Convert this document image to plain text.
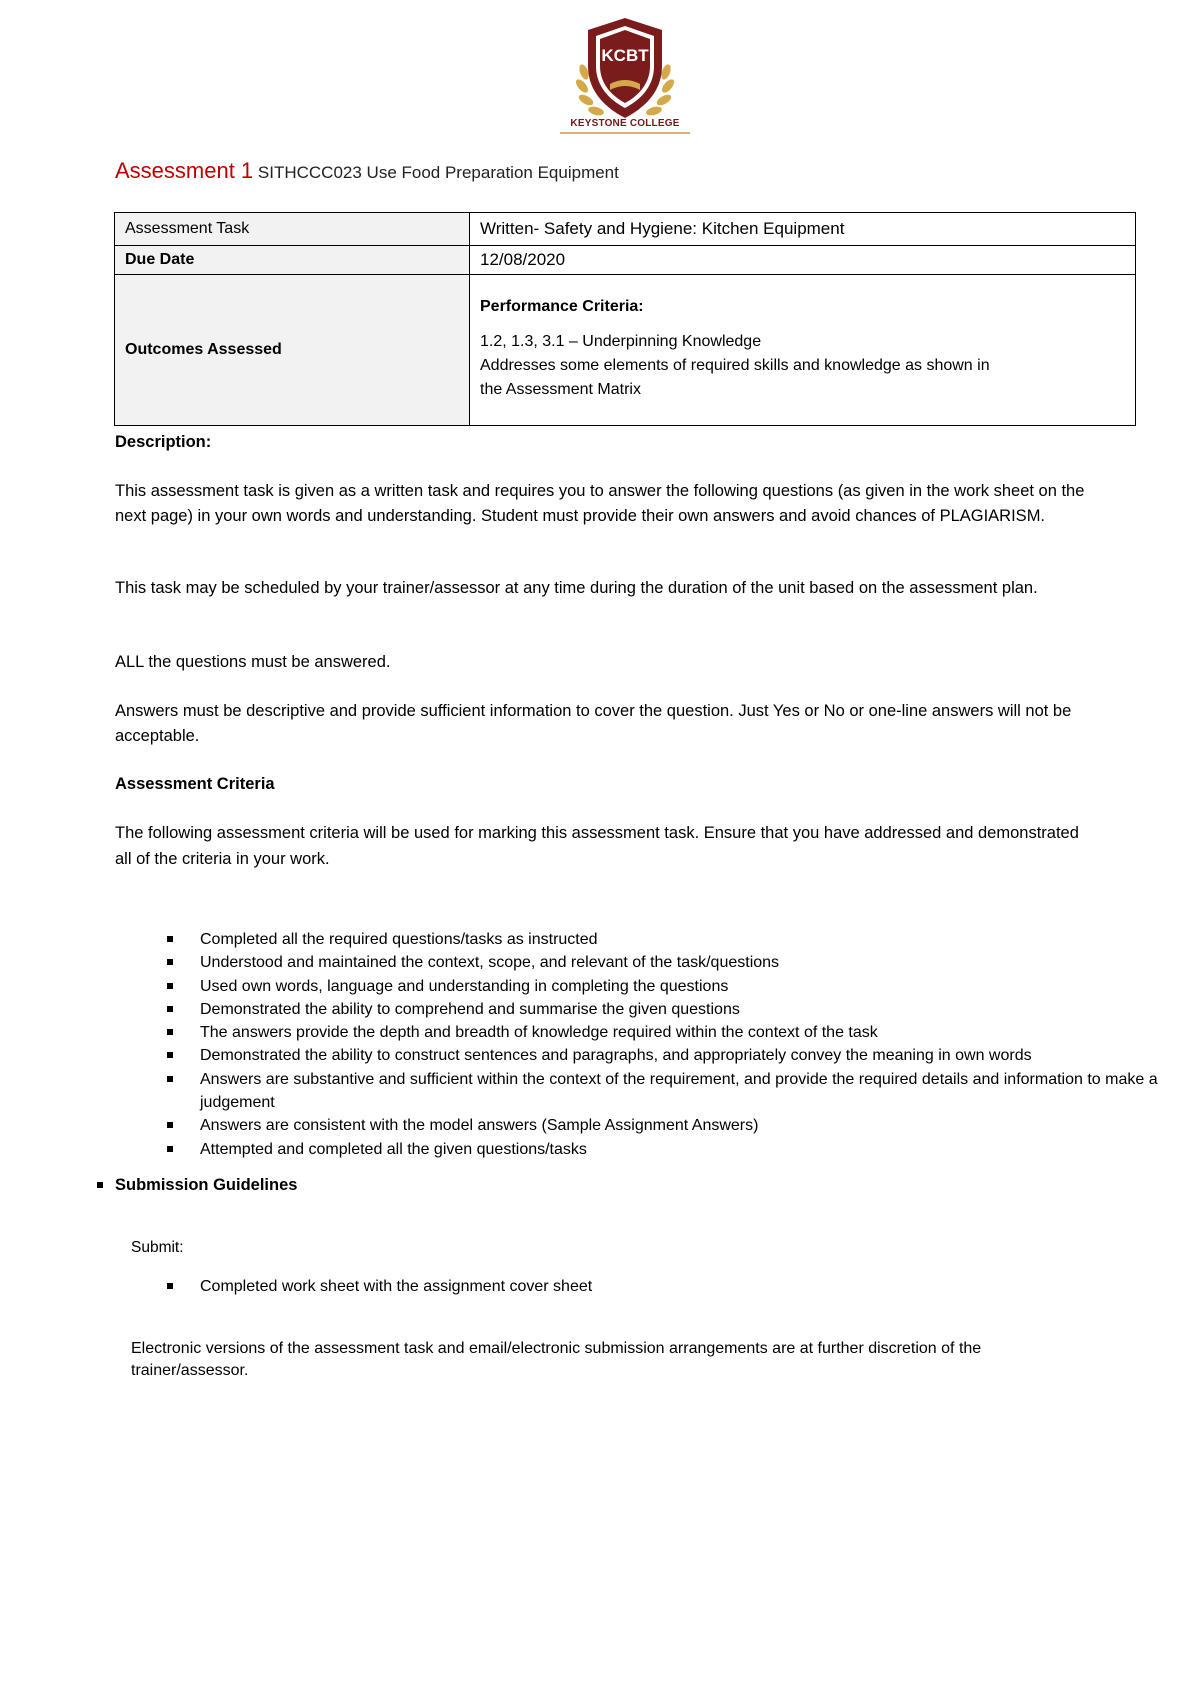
KCBT
KEYSTONE COLLEGE
Assessment 1 SITHCCC023 Use Food Preparation Equipment
Assessment Task	Written- Safety and Hygiene: Kitchen Equipment
Due Date	12/08/2020
Outcomes Assessed	Performance Criteria:
1.2, 1.3, 3.1 – Underpinning Knowledge
Addresses some elements of required skills and knowledge as shown in
the Assessment Matrix
Description:
This assessment task is given as a written task and requires you to answer the following questions (as given in the work sheet on the next page) in your own words and understanding. Student must provide their own answers and avoid chances of PLAGIARISM.
This task may be scheduled by your trainer/assessor at any time during the duration of the unit based on the assessment plan.
ALL the questions must be answered.
Answers must be descriptive and provide sufficient information to cover the question. Just Yes or No or one-line answers will not be acceptable.
Assessment Criteria
The following assessment criteria will be used for marking this assessment task. Ensure that you have addressed and demonstrated all of the criteria in your work.
Completed all the required questions/tasks as instructed
Understood and maintained the context, scope, and relevant of the task/questions
Used own words, language and understanding in completing the questions
Demonstrated the ability to comprehend and summarise the given questions
The answers provide the depth and breadth of knowledge required within the context of the task
Demonstrated the ability to construct sentences and paragraphs, and appropriately convey the meaning in own words
Answers are substantive and sufficient within the context of the requirement, and provide the required details and information to make a judgement
Answers are consistent with the model answers (Sample Assignment Answers)
Attempted and completed all the given questions/tasks
Submission Guidelines
Submit:
Completed work sheet with the assignment cover sheet
Electronic versions of the assessment task and email/electronic submission arrangements are at further discretion of the trainer/assessor.
